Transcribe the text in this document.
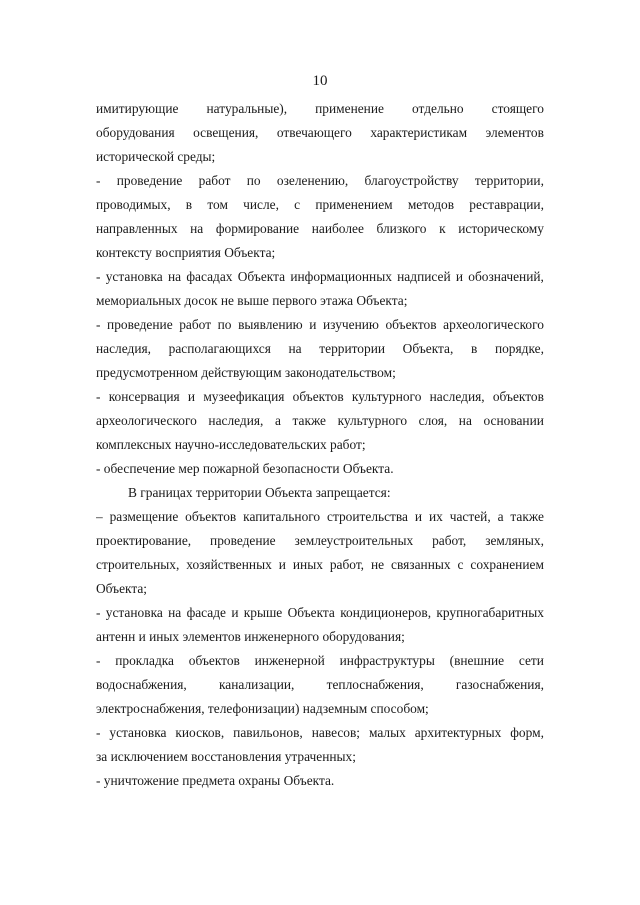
10
имитирующие натуральные), применение отдельно стоящего
оборудования освещения, отвечающего характеристикам элементов
исторической среды;
- проведение работ по озеленению, благоустройству территории,
проводимых, в том числе, с применением методов реставрации,
направленных на формирование наиболее близкого к историческому
контексту восприятия Объекта;
- установка на фасадах Объекта информационных надписей и обозначений,
мемориальных досок не выше первого этажа Объекта;
- проведение работ по выявлению и изучению объектов археологического
наследия, располагающихся на территории Объекта, в порядке,
предусмотренном действующим законодательством;
- консервация и музеефикация объектов культурного наследия, объектов
археологического наследия, а также культурного слоя, на основании
комплексных научно-исследовательских работ;
- обеспечение мер пожарной безопасности Объекта.
В границах территории Объекта запрещается:
– размещение объектов капитального строительства и их частей, а также
проектирование, проведение землеустроительных работ, земляных,
строительных, хозяйственных и иных работ, не связанных с сохранением
Объекта;
- установка на фасаде и крыше Объекта кондиционеров, крупногабаритных
антенн и иных элементов инженерного оборудования;
- прокладка объектов инженерной инфраструктуры (внешние сети
водоснабжения, канализации, теплоснабжения, газоснабжения,
электроснабжения, телефонизации) надземным способом;
- установка киосков, павильонов, навесов; малых архитектурных форм,
за исключением восстановления утраченных;
- уничтожение предмета охраны Объекта.
